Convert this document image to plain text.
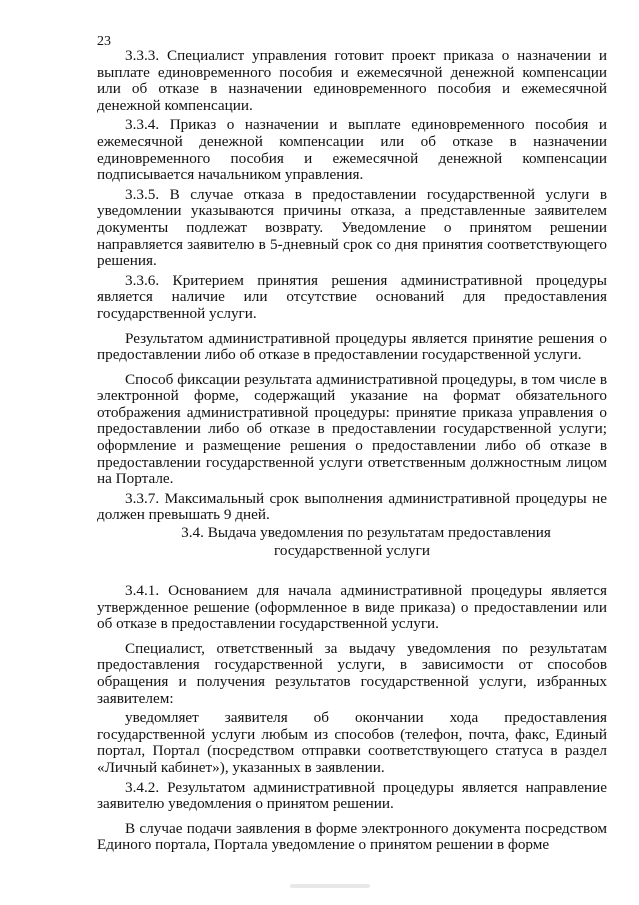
23

3.3.3. Специалист управления готовит проект приказа о назначении и выплате единовременного пособия и ежемесячной денежной компенсации или об отказе в назначении единовременного пособия и ежемесячной денежной компенсации.

3.3.4. Приказ о назначении и выплате единовременного пособия и ежемесячной денежной компенсации или об отказе в назначении единовременного пособия и ежемесячной денежной компенсации подписывается начальником управления.

3.3.5. В случае отказа в предоставлении государственной услуги в уведомлении указываются причины отказа, а представленные заявителем документы подлежат возврату. Уведомление о принятом решении направляется заявителю в 5-дневный срок со дня принятия соответствующего решения.

3.3.6. Критерием принятия решения административной процедуры является наличие или отсутствие оснований для предоставления государственной услуги.

Результатом административной процедуры является принятие решения о предоставлении либо об отказе в предоставлении государственной услуги.

Способ фиксации результата административной процедуры, в том числе в электронной форме, содержащий указание на формат обязательного отображения административной процедуры: принятие приказа управления о предоставлении либо об отказе в предоставлении государственной услуги; оформление и размещение решения о предоставлении либо об отказе в предоставлении государственной услуги ответственным должностным лицом на Портале.

3.3.7. Максимальный срок выполнения административной процедуры не должен превышать 9 дней.

3.4. Выдача уведомления по результатам предоставления государственной услуги

3.4.1. Основанием для начала административной процедуры является утвержденное решение (оформленное в виде приказа) о предоставлении или об отказе в предоставлении государственной услуги.

Специалист, ответственный за выдачу уведомления по результатам предоставления государственной услуги, в зависимости от способов обращения и получения результатов государственной услуги, избранных заявителем:

уведомляет заявителя об окончании хода предоставления государственной услуги любым из способов (телефон, почта, факс, Единый портал, Портал (посредством отправки соответствующего статуса в раздел «Личный кабинет»), указанных в заявлении.

3.4.2. Результатом административной процедуры является направление заявителю уведомления о принятом решении.

В случае подачи заявления в форме электронного документа посредством Единого портала, Портала уведомление о принятом решении в форме
